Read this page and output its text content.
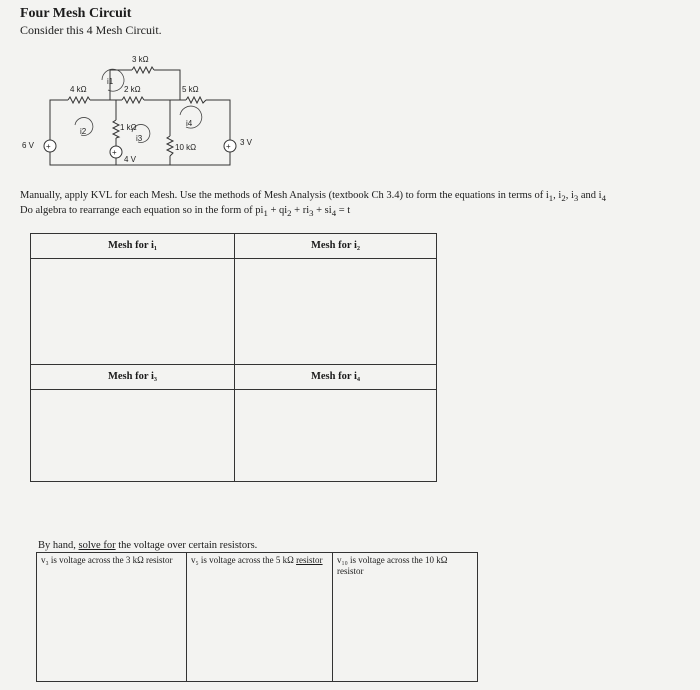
Four Mesh Circuit
Consider this 4 Mesh Circuit.
+
+
+
3 kΩ
4 kΩ	2 kΩ	5 kΩ
1 kΩ
10 kΩ
6 V
4 V
3 V
i1
i2
i3
i4
Manually, apply KVL for each Mesh. Use the methods of Mesh Analysis (textbook Ch 3.4) to form the equations in terms of $i_1$, $i_2$, $i_3$ and $i_4$
Do algebra to rearrange each equation so in the form of $pi_1 + qi_2 + ri_3 + si_4 = t$
Mesh for i₁	Mesh for i₂
Mesh for i₃	Mesh for i₄
By hand, solve for the voltage over certain resistors.
v₃ is voltage across the 3 kΩ resistor	v₅ is voltage across the 5 kΩ resistor	v₁₀ is voltage across the 10 kΩ resistor
